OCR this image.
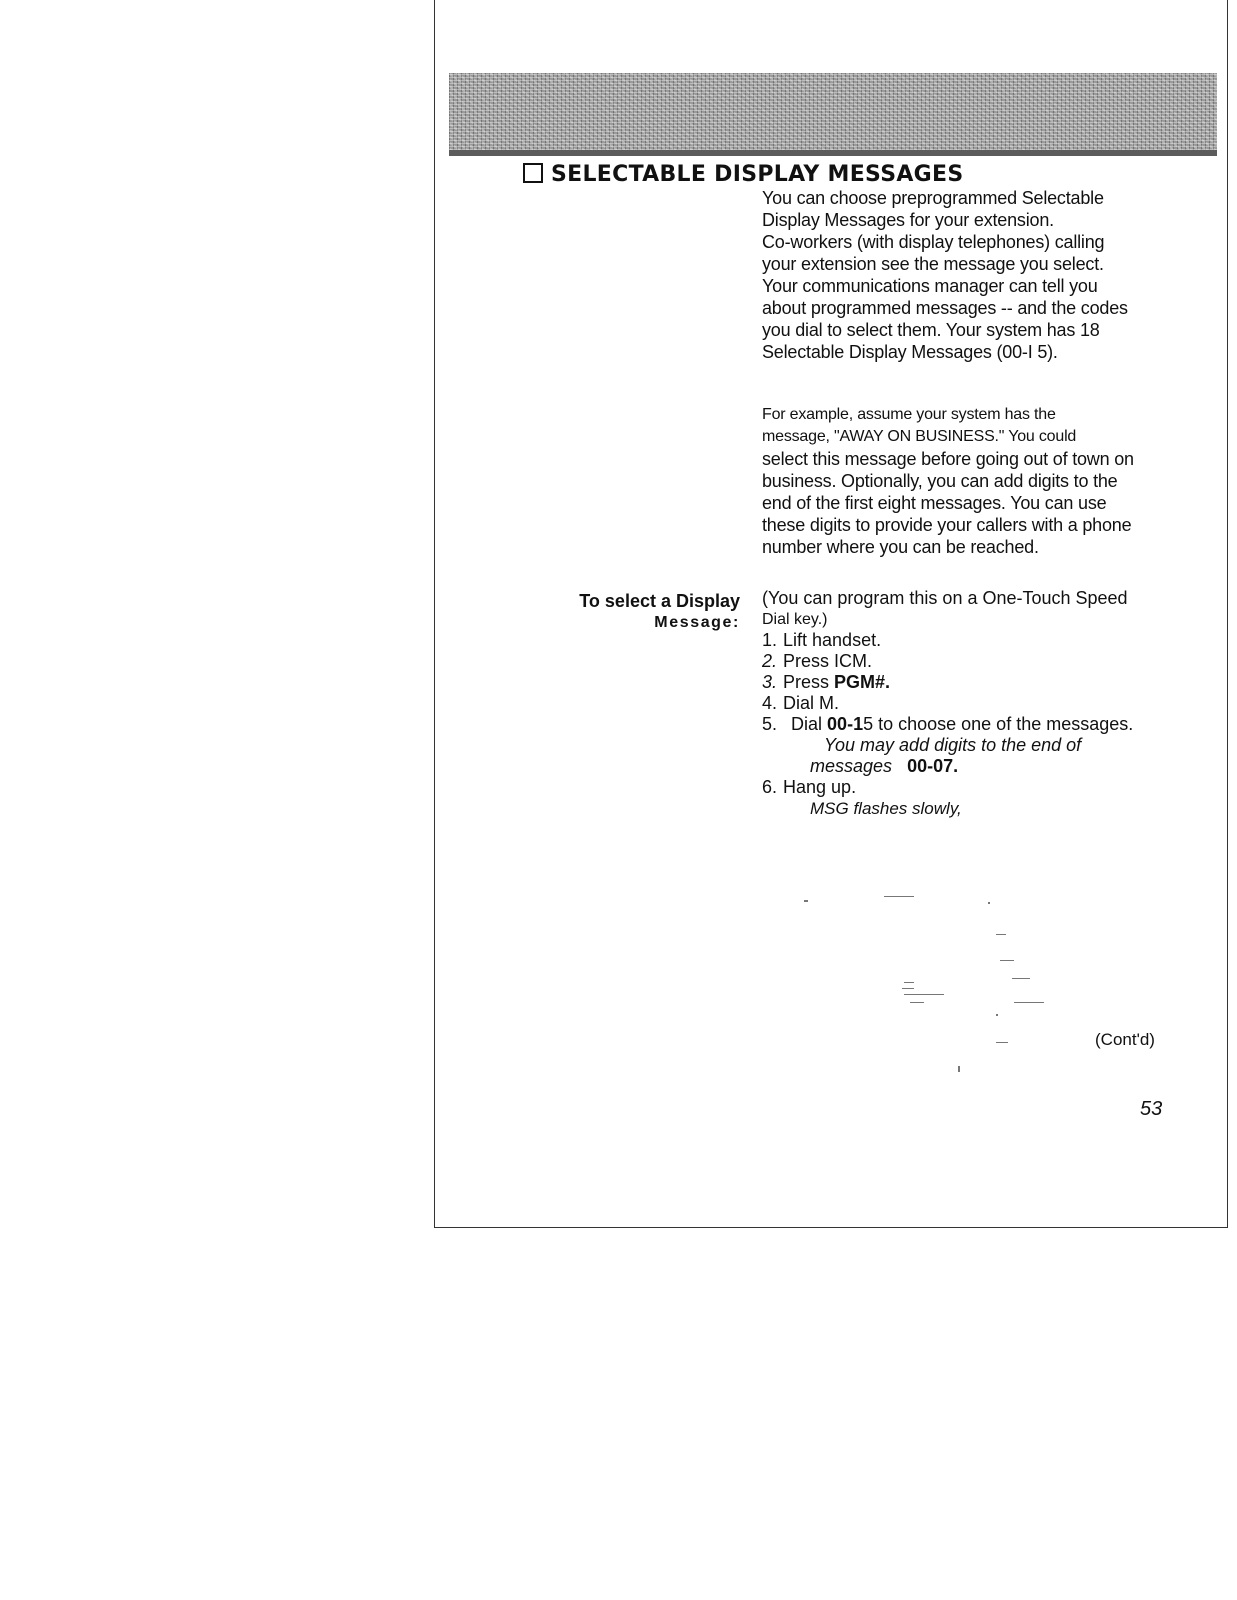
SELECTABLE DISPLAY MESSAGES
You can choose preprogrammed Selectable
Display Messages for your extension.
Co-workers (with display telephones) calling
your extension see the message you select.
Your communications manager can tell you
about programmed messages -- and the codes
you dial to select them. Your system has 18
Selectable Display Messages (00-I 5).
For example, assume your system has the
message, "AWAY ON BUSINESS." You could
select this message before going out of town on
business. Optionally, you can add digits to the
end of the first eight messages. You can use
these digits to provide your callers with a phone
number where you can be reached.
To select a Display
Message:
(You can program this on a One-Touch Speed
Dial key.)
1. Lift handset.
2. Press ICM.
3. Press PGM#.
4. Dial M.
5. Dial 00-15 to choose one of the messages.
You may add digits to the end of
messages 00-07.
6. Hang up.
MSG flashes slowly,
(Cont'd)
53
